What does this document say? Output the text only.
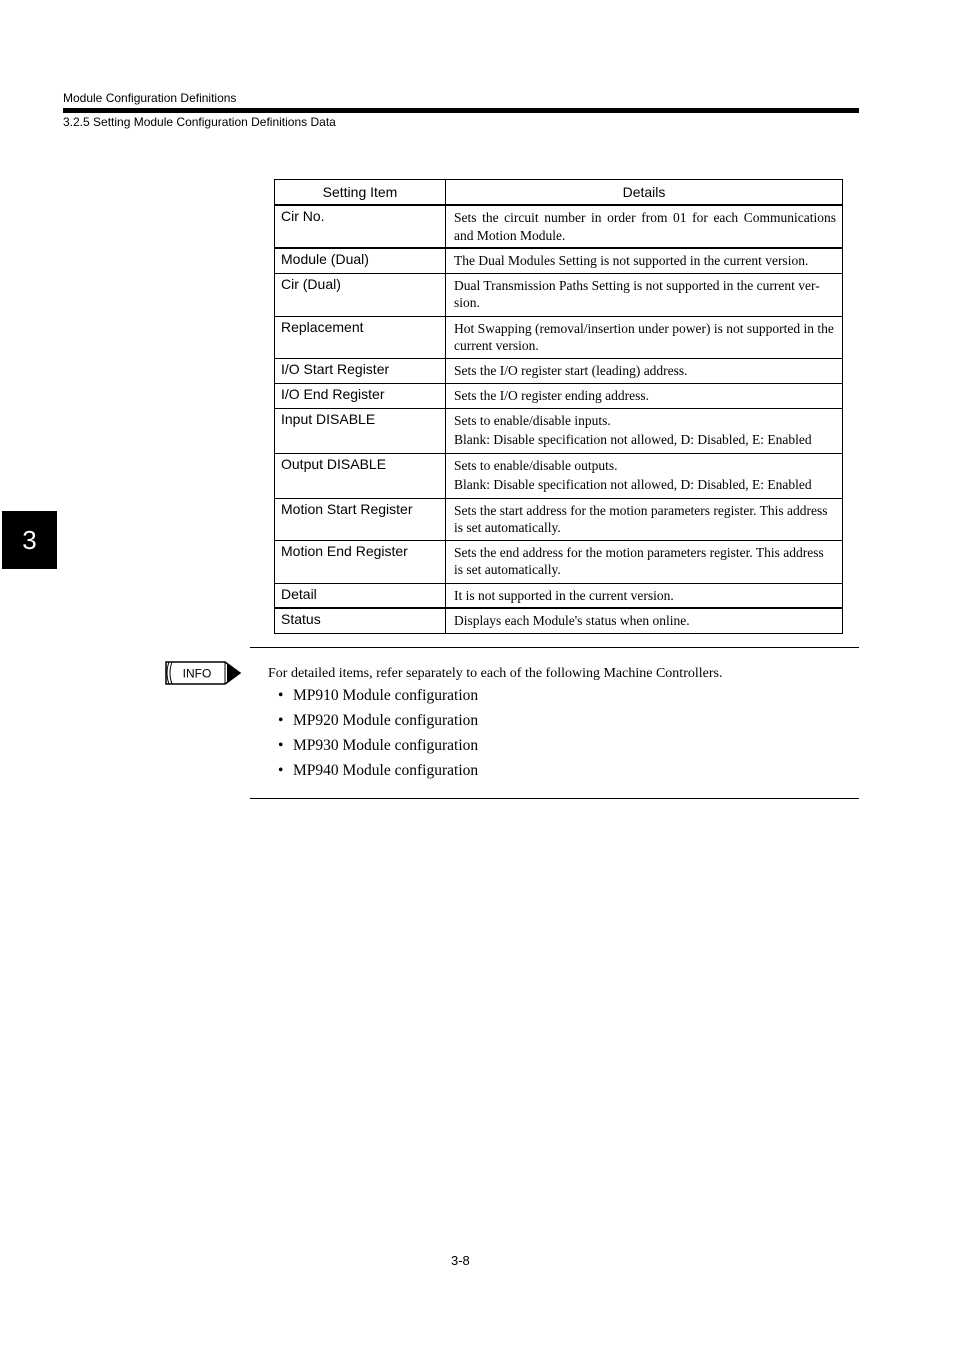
Module Configuration Definitions
3.2.5 Setting Module Configuration Definitions Data
3
Setting Item	Details
Cir No.	Sets the circuit number in order from 01 for each Communications and Motion Module.
Module (Dual)	The Dual Modules Setting is not supported in the current version.
Cir (Dual)	Dual Transmission Paths Setting is not supported in the current ver-sion.
Replacement	Hot Swapping (removal/insertion under power) is not supported in the current version.
I/O Start Register	Sets the I/O register start (leading) address.
I/O End Register	Sets the I/O register ending address.
Input DISABLE	Sets to enable/disable inputs.
Blank: Disable specification not allowed, D: Disabled, E: Enabled

Output DISABLE	Sets to enable/disable outputs.
Blank: Disable specification not allowed, D: Disabled, E: Enabled

Motion Start Register	Sets the start address for the motion parameters register. This address is set automatically.
Motion End Register	Sets the end address for the motion parameters register. This address is set automatically.
Detail	It is not supported in the current version.
Status	Displays each Module's status when online.
INFO	For detailed items, refer separately to each of the following Machine Controllers.
• MP910 Module configuration
• MP920 Module configuration
• MP930 Module configuration
• MP940 Module configuration
3-8
